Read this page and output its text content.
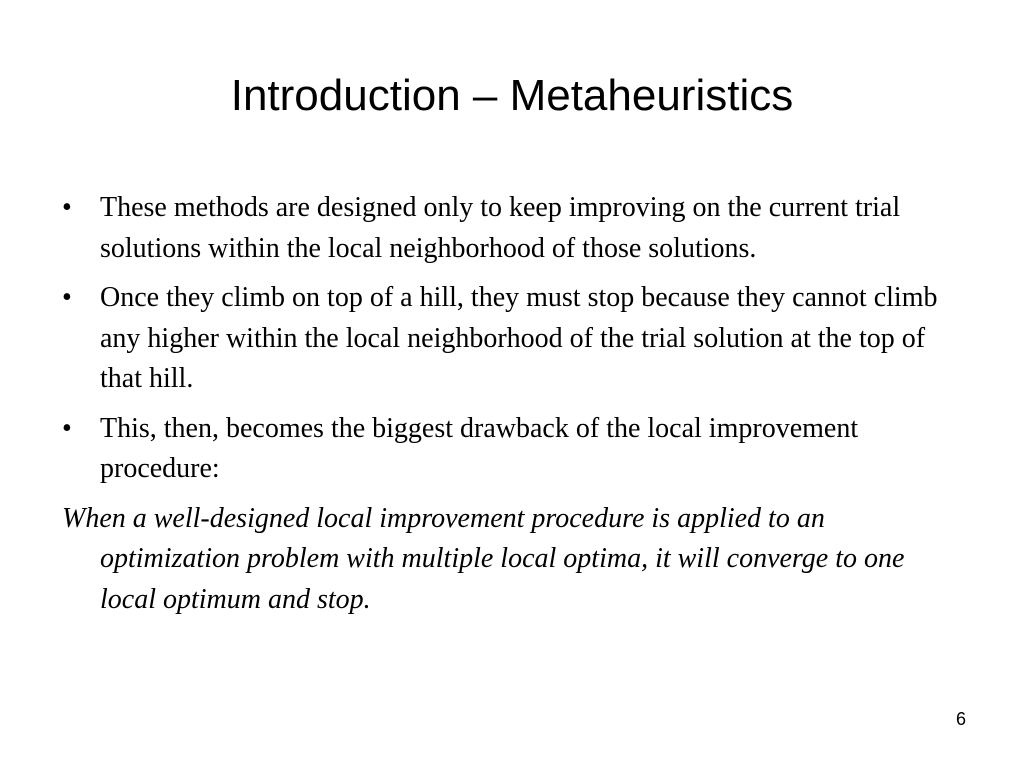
Introduction – Metaheuristics
• These methods are designed only to keep improving on the current trial solutions within the local neighborhood of those solutions.
• Once they climb on top of a hill, they must stop because they cannot climb any higher within the local neighborhood of the trial solution at the top of that hill.
• This, then, becomes the biggest drawback of the local improvement procedure:

When a well-designed local improvement procedure is applied to an optimization problem with multiple local optima, it will converge to one local optimum and stop.

6
